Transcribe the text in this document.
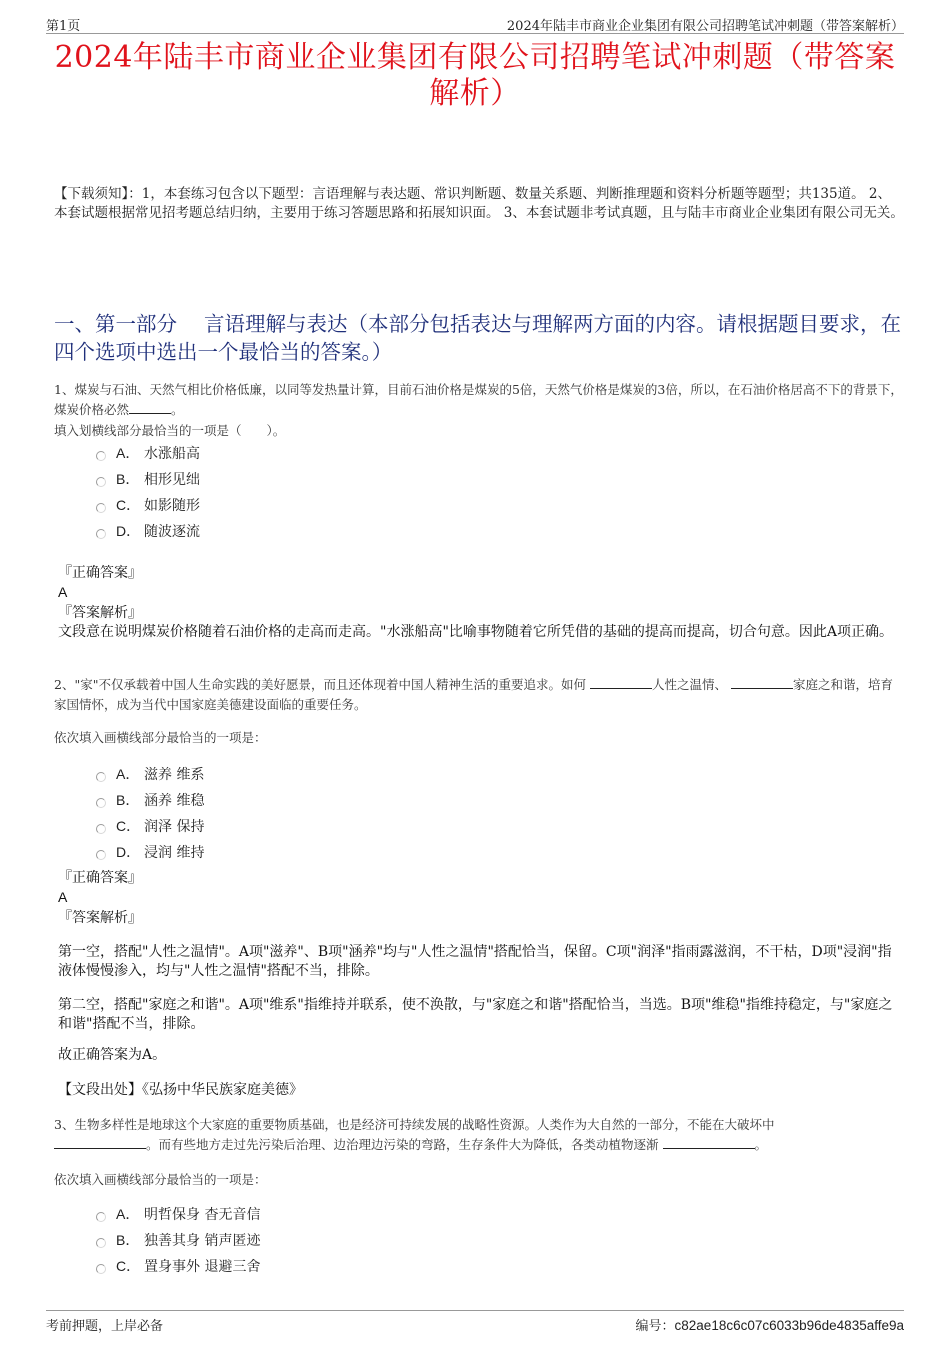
第1页	2024年陆丰市商业企业集团有限公司招聘笔试冲刺题（带答案解析）
2024年陆丰市商业企业集团有限公司招聘笔试冲刺题（带答案
解析）
【下载须知】：1，本套练习包含以下题型：言语理解与表达题、常识判断题、数量关系题、判断推理题和资料分析题等题型；共135道。 2、本套试题根据常见招考题总结归纳，主要用于练习答题思路和拓展知识面。 3、本套试题非考试真题，且与陆丰市商业企业集团有限公司无关。
一、第一部分　 言语理解与表达（本部分包括表达与理解两方面的内容。请根据题目要求，在四个选项中选出一个最恰当的答案。）
1、煤炭与石油、天然气相比价格低廉，以同等发热量计算，目前石油价格是煤炭的5倍，天然气价格是煤炭的3倍，所以，在石油价格居高不下的背景下，煤炭价格必然	。
填入划横线部分最恰当的一项是（　　）。
A． 水涨船高
B． 相形见绌
C． 如影随形
D． 随波逐流
『正确答案』
A
『答案解析』
文段意在说明煤炭价格随着石油价格的走高而走高。"水涨船高"比喻事物随着它所凭借的基础的提高而提高，切合句意。因此A项正确。
2、"家"不仅承载着中国人生命实践的美好愿景，而且还体现着中国人精神生活的重要追求。如何	人性之温情、	家庭之和谐，培育家国情怀，成为当代中国家庭美德建设面临的重要任务。
依次填入画横线部分最恰当的一项是：
A． 滋养 维系
B． 涵养 维稳
C． 润泽 保持
D． 浸润 维持
『正确答案』
A
『答案解析』
第一空，搭配"人性之温情"。A项"滋养"、B项"涵养"均与"人性之温情"搭配恰当，保留。C项"润泽"指雨露滋润，不干枯，D项"浸润"指液体慢慢渗入，均与"人性之温情"搭配不当，排除。
第二空，搭配"家庭之和谐"。A项"维系"指维持并联系，使不涣散，与"家庭之和谐"搭配恰当，当选。B项"维稳"指维持稳定，与"家庭之和谐"搭配不当，排除。
故正确答案为A。
【文段出处】《弘扬中华民族家庭美德》
3、生物多样性是地球这个大家庭的重要物质基础，也是经济可持续发展的战略性资源。人类作为大自然的一部分，不能在大破坏中
。而有些地方走过先污染后治理、边治理边污染的弯路，生存条件大为降低，各类动植物逐渐	。
依次填入画横线部分最恰当的一项是：
A． 明哲保身 杳无音信
B． 独善其身 销声匿迹
C． 置身事外 退避三舍
考前押题，上岸必备	编号：c82ae18c6c07c6033b96de4835affe9a
